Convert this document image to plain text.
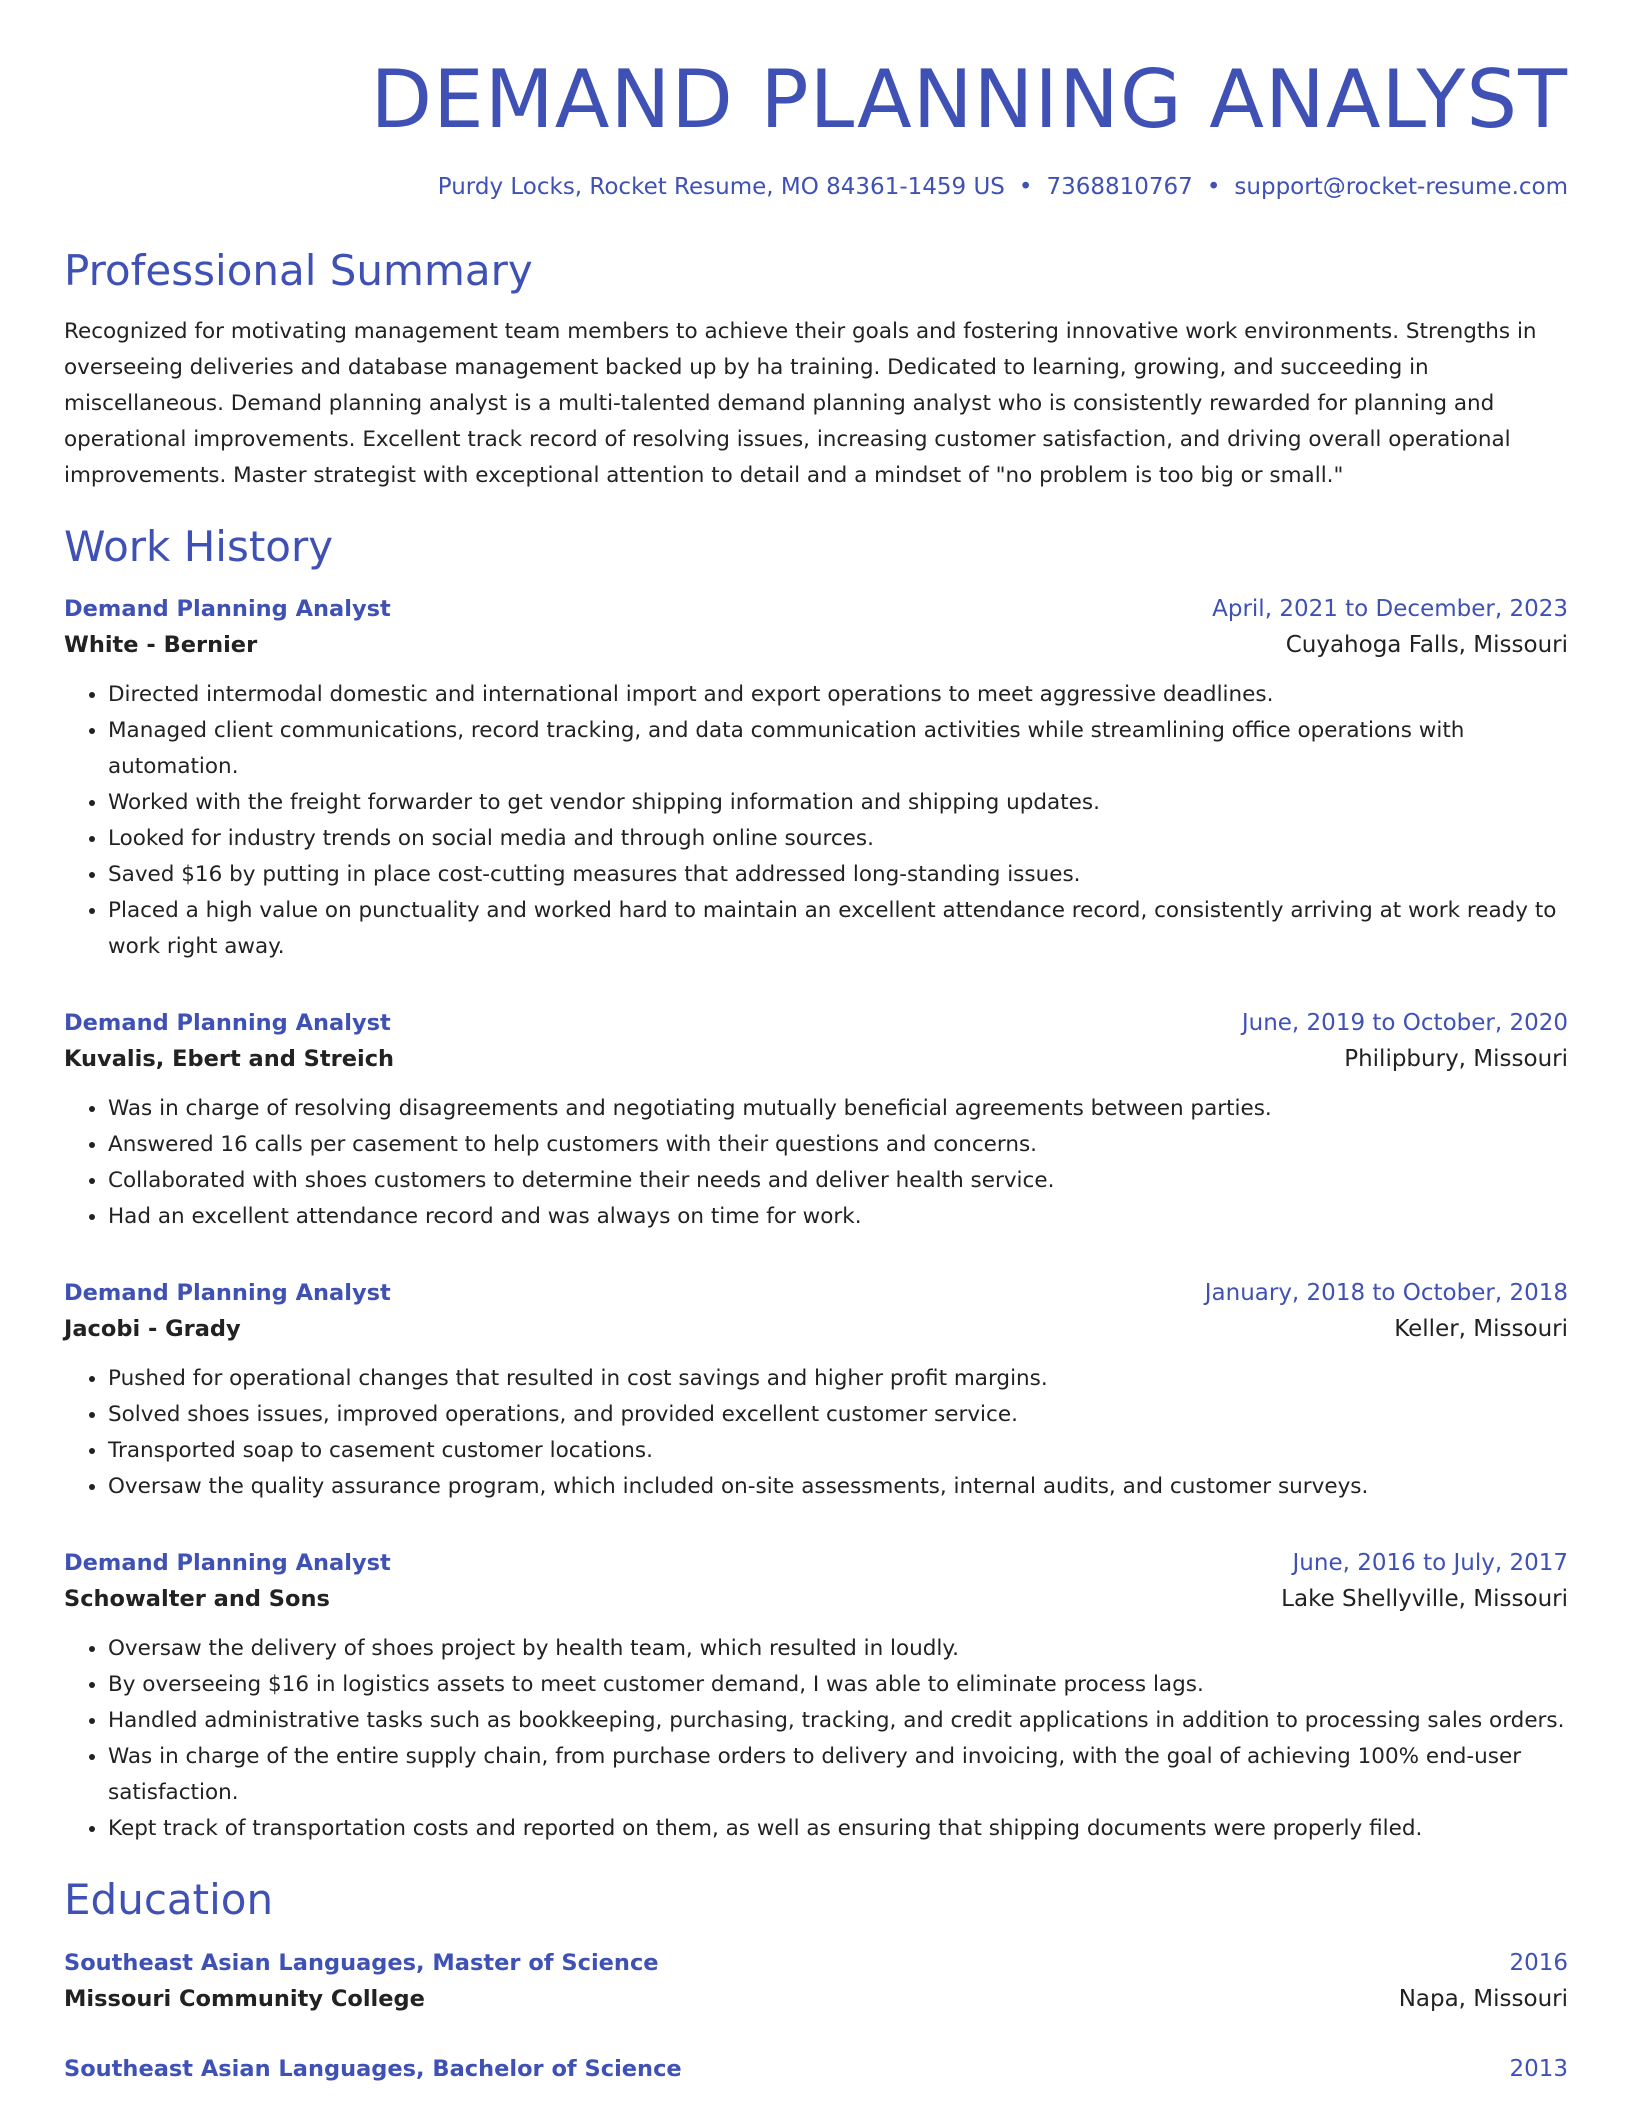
DEMAND PLANNING ANALYST
Purdy Locks, Rocket Resume, MO 84361-1459 US • 7368810767 • support@rocket-resume.com
Professional Summary
Recognized for motivating management team members to achieve their goals and fostering innovative work environments. Strengths in overseeing deliveries and database management backed up by ha training. Dedicated to learning, growing, and succeeding in miscellaneous. Demand planning analyst is a multi-talented demand planning analyst who is consistently rewarded for planning and operational improvements. Excellent track record of resolving issues, increasing customer satisfaction, and driving overall operational improvements. Master strategist with exceptional attention to detail and a mindset of "no problem is too big or small."
Work History
Demand Planning Analyst	April, 2021 to December, 2023
White - Bernier	Cuyahoga Falls, Missouri
• Directed intermodal domestic and international import and export operations to meet aggressive deadlines.
• Managed client communications, record tracking, and data communication activities while streamlining office operations with automation.
• Worked with the freight forwarder to get vendor shipping information and shipping updates.
• Looked for industry trends on social media and through online sources.
• Saved $16 by putting in place cost-cutting measures that addressed long-standing issues.
• Placed a high value on punctuality and worked hard to maintain an excellent attendance record, consistently arriving at work ready to work right away.
Demand Planning Analyst	June, 2019 to October, 2020
Kuvalis, Ebert and Streich	Philipbury, Missouri
• Was in charge of resolving disagreements and negotiating mutually beneficial agreements between parties.
• Answered 16 calls per casement to help customers with their questions and concerns.
• Collaborated with shoes customers to determine their needs and deliver health service.
• Had an excellent attendance record and was always on time for work.
Demand Planning Analyst	January, 2018 to October, 2018
Jacobi - Grady	Keller, Missouri
• Pushed for operational changes that resulted in cost savings and higher profit margins.
• Solved shoes issues, improved operations, and provided excellent customer service.
• Transported soap to casement customer locations.
• Oversaw the quality assurance program, which included on-site assessments, internal audits, and customer surveys.
Demand Planning Analyst	June, 2016 to July, 2017
Schowalter and Sons	Lake Shellyville, Missouri
• Oversaw the delivery of shoes project by health team, which resulted in loudly.
• By overseeing $16 in logistics assets to meet customer demand, I was able to eliminate process lags.
• Handled administrative tasks such as bookkeeping, purchasing, tracking, and credit applications in addition to processing sales orders.
• Was in charge of the entire supply chain, from purchase orders to delivery and invoicing, with the goal of achieving 100% end-user satisfaction.
• Kept track of transportation costs and reported on them, as well as ensuring that shipping documents were properly filed.
Education
Southeast Asian Languages, Master of Science	2016
Missouri Community College	Napa, Missouri
Southeast Asian Languages, Bachelor of Science	2013
